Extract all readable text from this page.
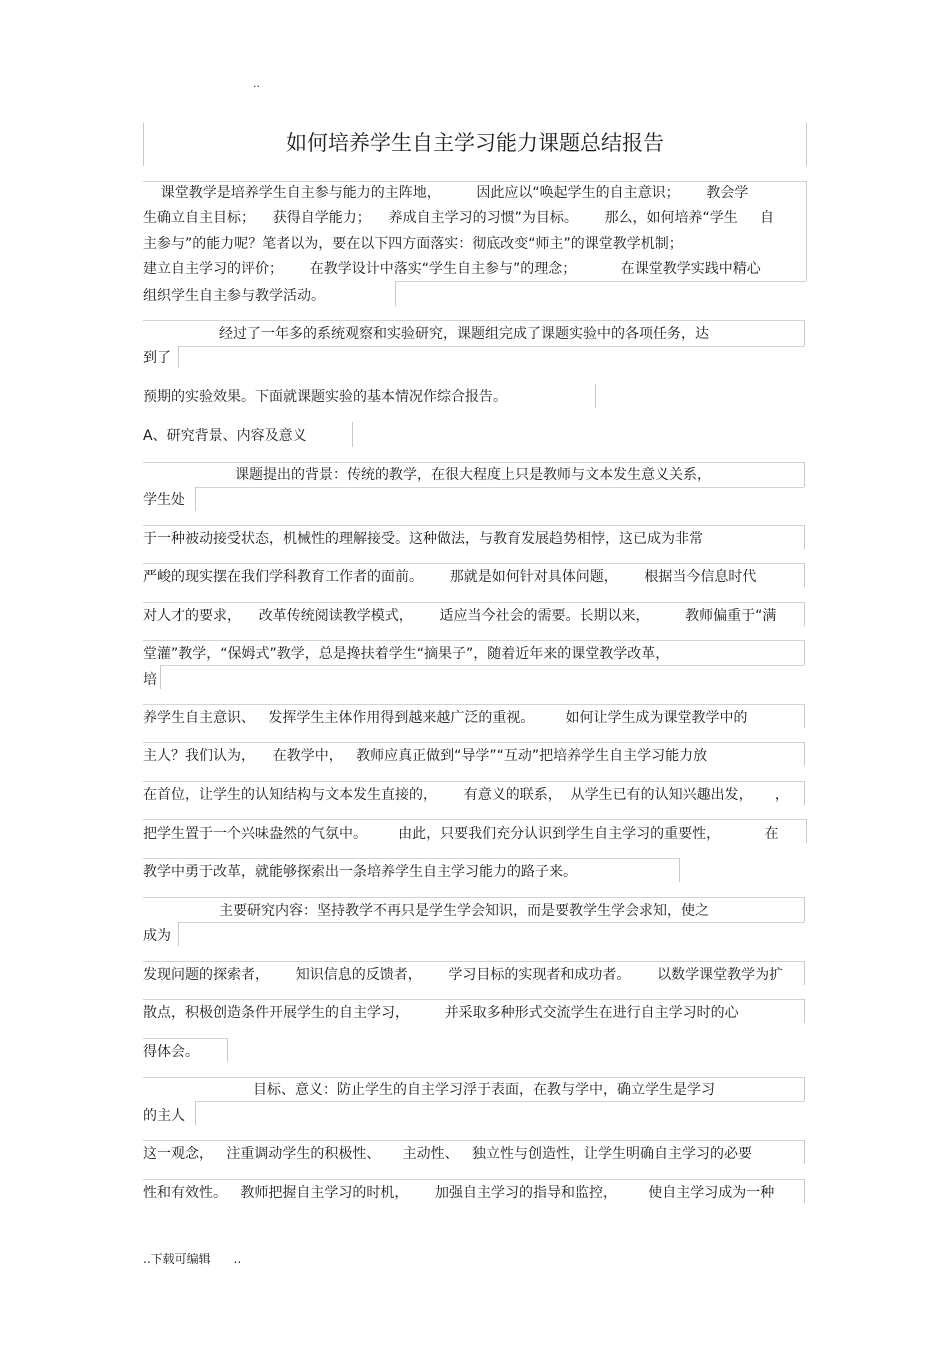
..
如何培养学生自主学习能力课题总结报告

课堂教学是培养学生自主参与能力的主阵地，        因此应以“唤起学生的自主意识；      教会学

生确立自主目标；    获得自学能力；    养成自主学习的习惯”为目标。      那么，如何培养“学生     自

主参与”的能力呢？笔者以为，要在以下四方面落实：彻底改变“师主”的课堂教学机制；

建立自主学习的评价；      在教学设计中落实“学生自主参与”的理念；          在课堂教学实践中精心

组织学生自主参与教学活动。

经过了一年多的系统观察和实验研究，课题组完成了课题实验中的各项任务，达

到了

预期的实验效果。下面就课题实验的基本情况作综合报告。

A、研究背景、内容及意义

课题提出的背景：传统的教学，在很大程度上只是教师与文本发生意义关系，

学生处

于一种被动接受状态，机械性的理解接受。这种做法，与教育发展趋势相悖，这已成为非常

严峻的现实摆在我们学科教育工作者的面前。      那就是如何针对具体问题，      根据当今信息时代

对人才的要求，    改革传统阅读教学模式，      适应当今社会的需要。长期以来，        教师偏重于“满

堂灌”教学，“保姆式”教学，总是搀扶着学生“摘果子”，随着近年来的课堂教学改革，

培

养学生自主意识、   发挥学生主体作用得到越来越广泛的重视。       如何让学生成为课堂教学中的

主人？我们认为，    在教学中，   教师应真正做到“导学”“互动”把培养学生自主学习能力放

在首位，让学生的认知结构与文本发生直接的，      有意义的联系，  从学生已有的认知兴趣出发，     ，

把学生置于一个兴味盎然的气氛中。       由此，只要我们充分认识到学生自主学习的重要性，          在

教学中勇于改革，就能够探索出一条培养学生自主学习能力的路子来。

主要研究内容：坚持教学不再只是学生学会知识，而是要教学生学会求知，使之

成为

发现问题的探索者，      知识信息的反馈者，      学习目标的实现者和成功者。      以数学课堂教学为扩

散点，积极创造条件开展学生的自主学习，        并采取多种形式交流学生在进行自主学习时的心

得体会。

目标、意义：防止学生的自主学习浮于表面，在教与学中，确立学生是学习

的主人

这一观念，   注重调动学生的积极性、     主动性、   独立性与创造性，让学生明确自主学习的必要

性和有效性。   教师把握自主学习的时机，      加强自主学习的指导和监控，       使自主学习成为一种

..下载可编辑      ..
